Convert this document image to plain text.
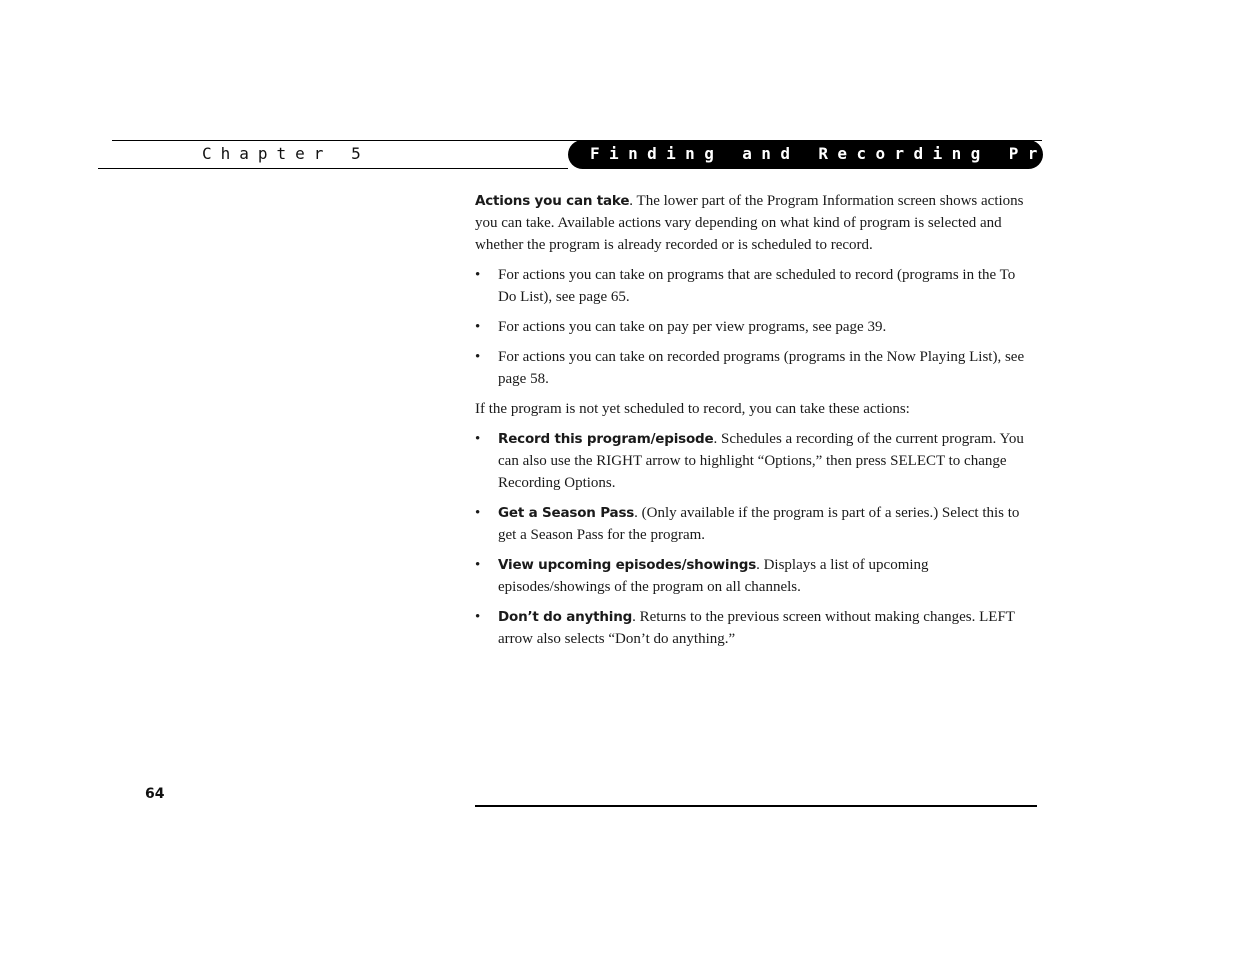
Chapter 5	Finding and Recording Programs

Actions you can take. The lower part of the Program Information screen shows actions you can take. Available actions vary depending on what kind of program is selected and whether the program is already recorded or is scheduled to record.

• For actions you can take on programs that are scheduled to record (programs in the To Do List), see page 65.
• For actions you can take on pay per view programs, see page 39.
• For actions you can take on recorded programs (programs in the Now Playing List), see page 58.

If the program is not yet scheduled to record, you can take these actions:

• Record this program/episode. Schedules a recording of the current program. You can also use the RIGHT arrow to highlight “Options,” then press SELECT to change Recording Options.
• Get a Season Pass. (Only available if the program is part of a series.) Select this to get a Season Pass for the program.
• View upcoming episodes/showings. Displays a list of upcoming episodes/showings of the program on all channels.
• Don’t do anything. Returns to the previous screen without making changes. LEFT arrow also selects “Don’t do anything.”
64
